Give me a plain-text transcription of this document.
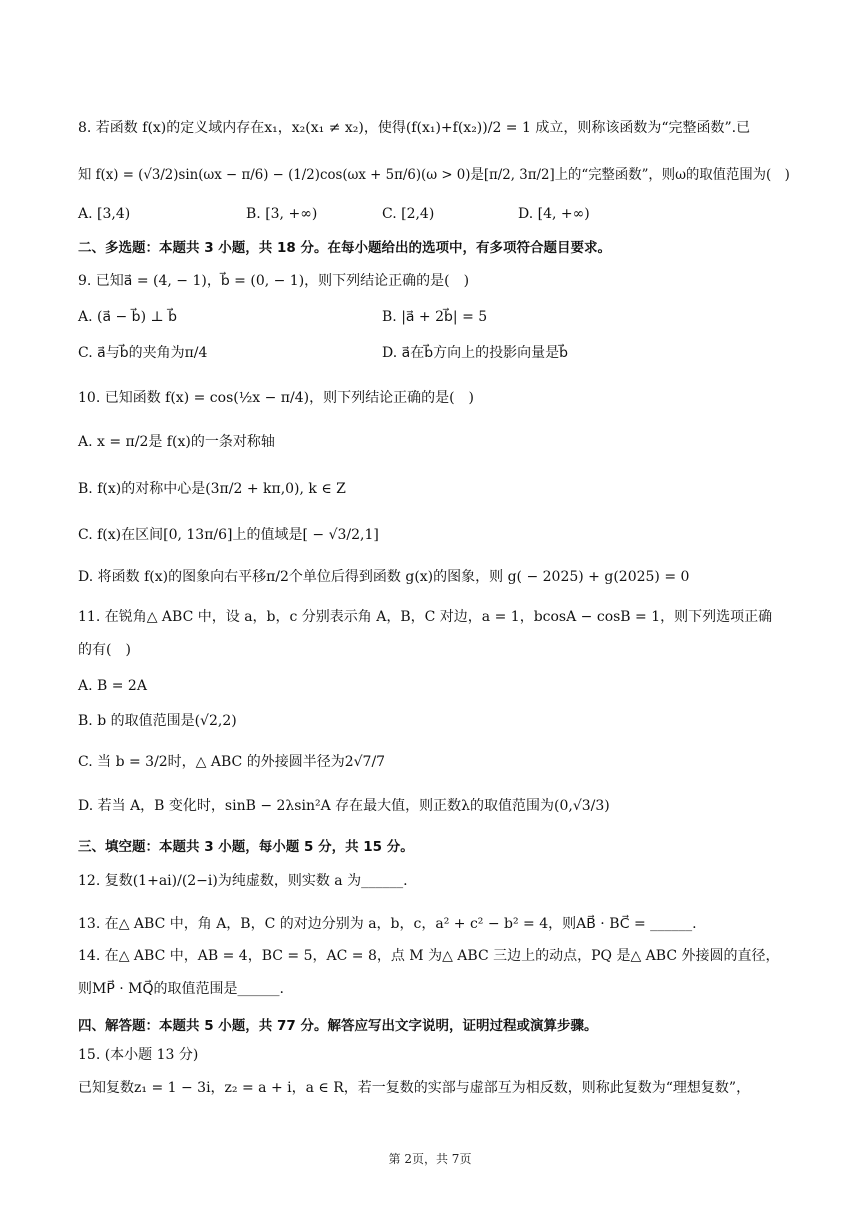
8. 若函数 f(x)的定义域内存在x₁，x₂(x₁ ≠ x₂)，使得(f(x₁)+f(x₂))/2 = 1 成立，则称该函数为“完整函数”.已
知 f(x) = (√3/2)sin(ωx − π/6) − (1/2)cos(ωx + 5π/6)(ω > 0)是[π/2, 3π/2]上的“完整函数”，则ω的取值范围为(　)
A. [3,4)	B. [3, +∞)	C. [2,4)	D. [4, +∞)
二、多选题：本题共 3 小题，共 18 分。在每小题给出的选项中，有多项符合题目要求。
9. 已知a⃗ = (4, − 1)，b⃗ = (0, − 1)，则下列结论正确的是(　)
A. (a⃗ − b⃗) ⊥ b⃗	B. |a⃗ + 2b⃗| = 5
C. a⃗与b⃗的夹角为π/4	D. a⃗在b⃗方向上的投影向量是b⃗
10. 已知函数 f(x) = cos(½x − π/4)，则下列结论正确的是(　)
A. x = π/2是 f(x)的一条对称轴
B. f(x)的对称中心是(3π/2 + kπ,0), k ∈ Z
C. f(x)在区间[0, 13π/6]上的值域是[ − √3/2,1]
D. 将函数 f(x)的图象向右平移π/2个单位后得到函数 g(x)的图象，则 g( − 2025) + g(2025) = 0
11. 在锐角△ ABC 中，设 a，b，c 分别表示角 A，B，C 对边，a = 1，bcosA − cosB = 1，则下列选项正确
的有(　)
A. B = 2A
B. b 的取值范围是(√2,2)
C. 当 b = 3/2时，△ ABC 的外接圆半径为2√7/7
D. 若当 A，B 变化时，sinB − 2λsin²A 存在最大值，则正数λ的取值范围为(0,√3/3)
三、填空题：本题共 3 小题，每小题 5 分，共 15 分。
12. 复数(1+ai)/(2−i)为纯虚数，则实数 a 为______.
13. 在△ ABC 中，角 A，B，C 的对边分别为 a，b，c，a² + c² − b² = 4，则AB⃗ · BC⃗ = ______.
14. 在△ ABC 中，AB = 4，BC = 5，AC = 8，点 M 为△ ABC 三边上的动点，PQ 是△ ABC 外接圆的直径，
则MP⃗ · MQ⃗的取值范围是______.
四、解答题：本题共 5 小题，共 77 分。解答应写出文字说明，证明过程或演算步骤。
15. (本小题 13 分)
已知复数z₁ = 1 − 3i，z₂ = a + i，a ∈ R，若一复数的实部与虚部互为相反数，则称此复数为“理想复数”，
第 2页，共 7页
